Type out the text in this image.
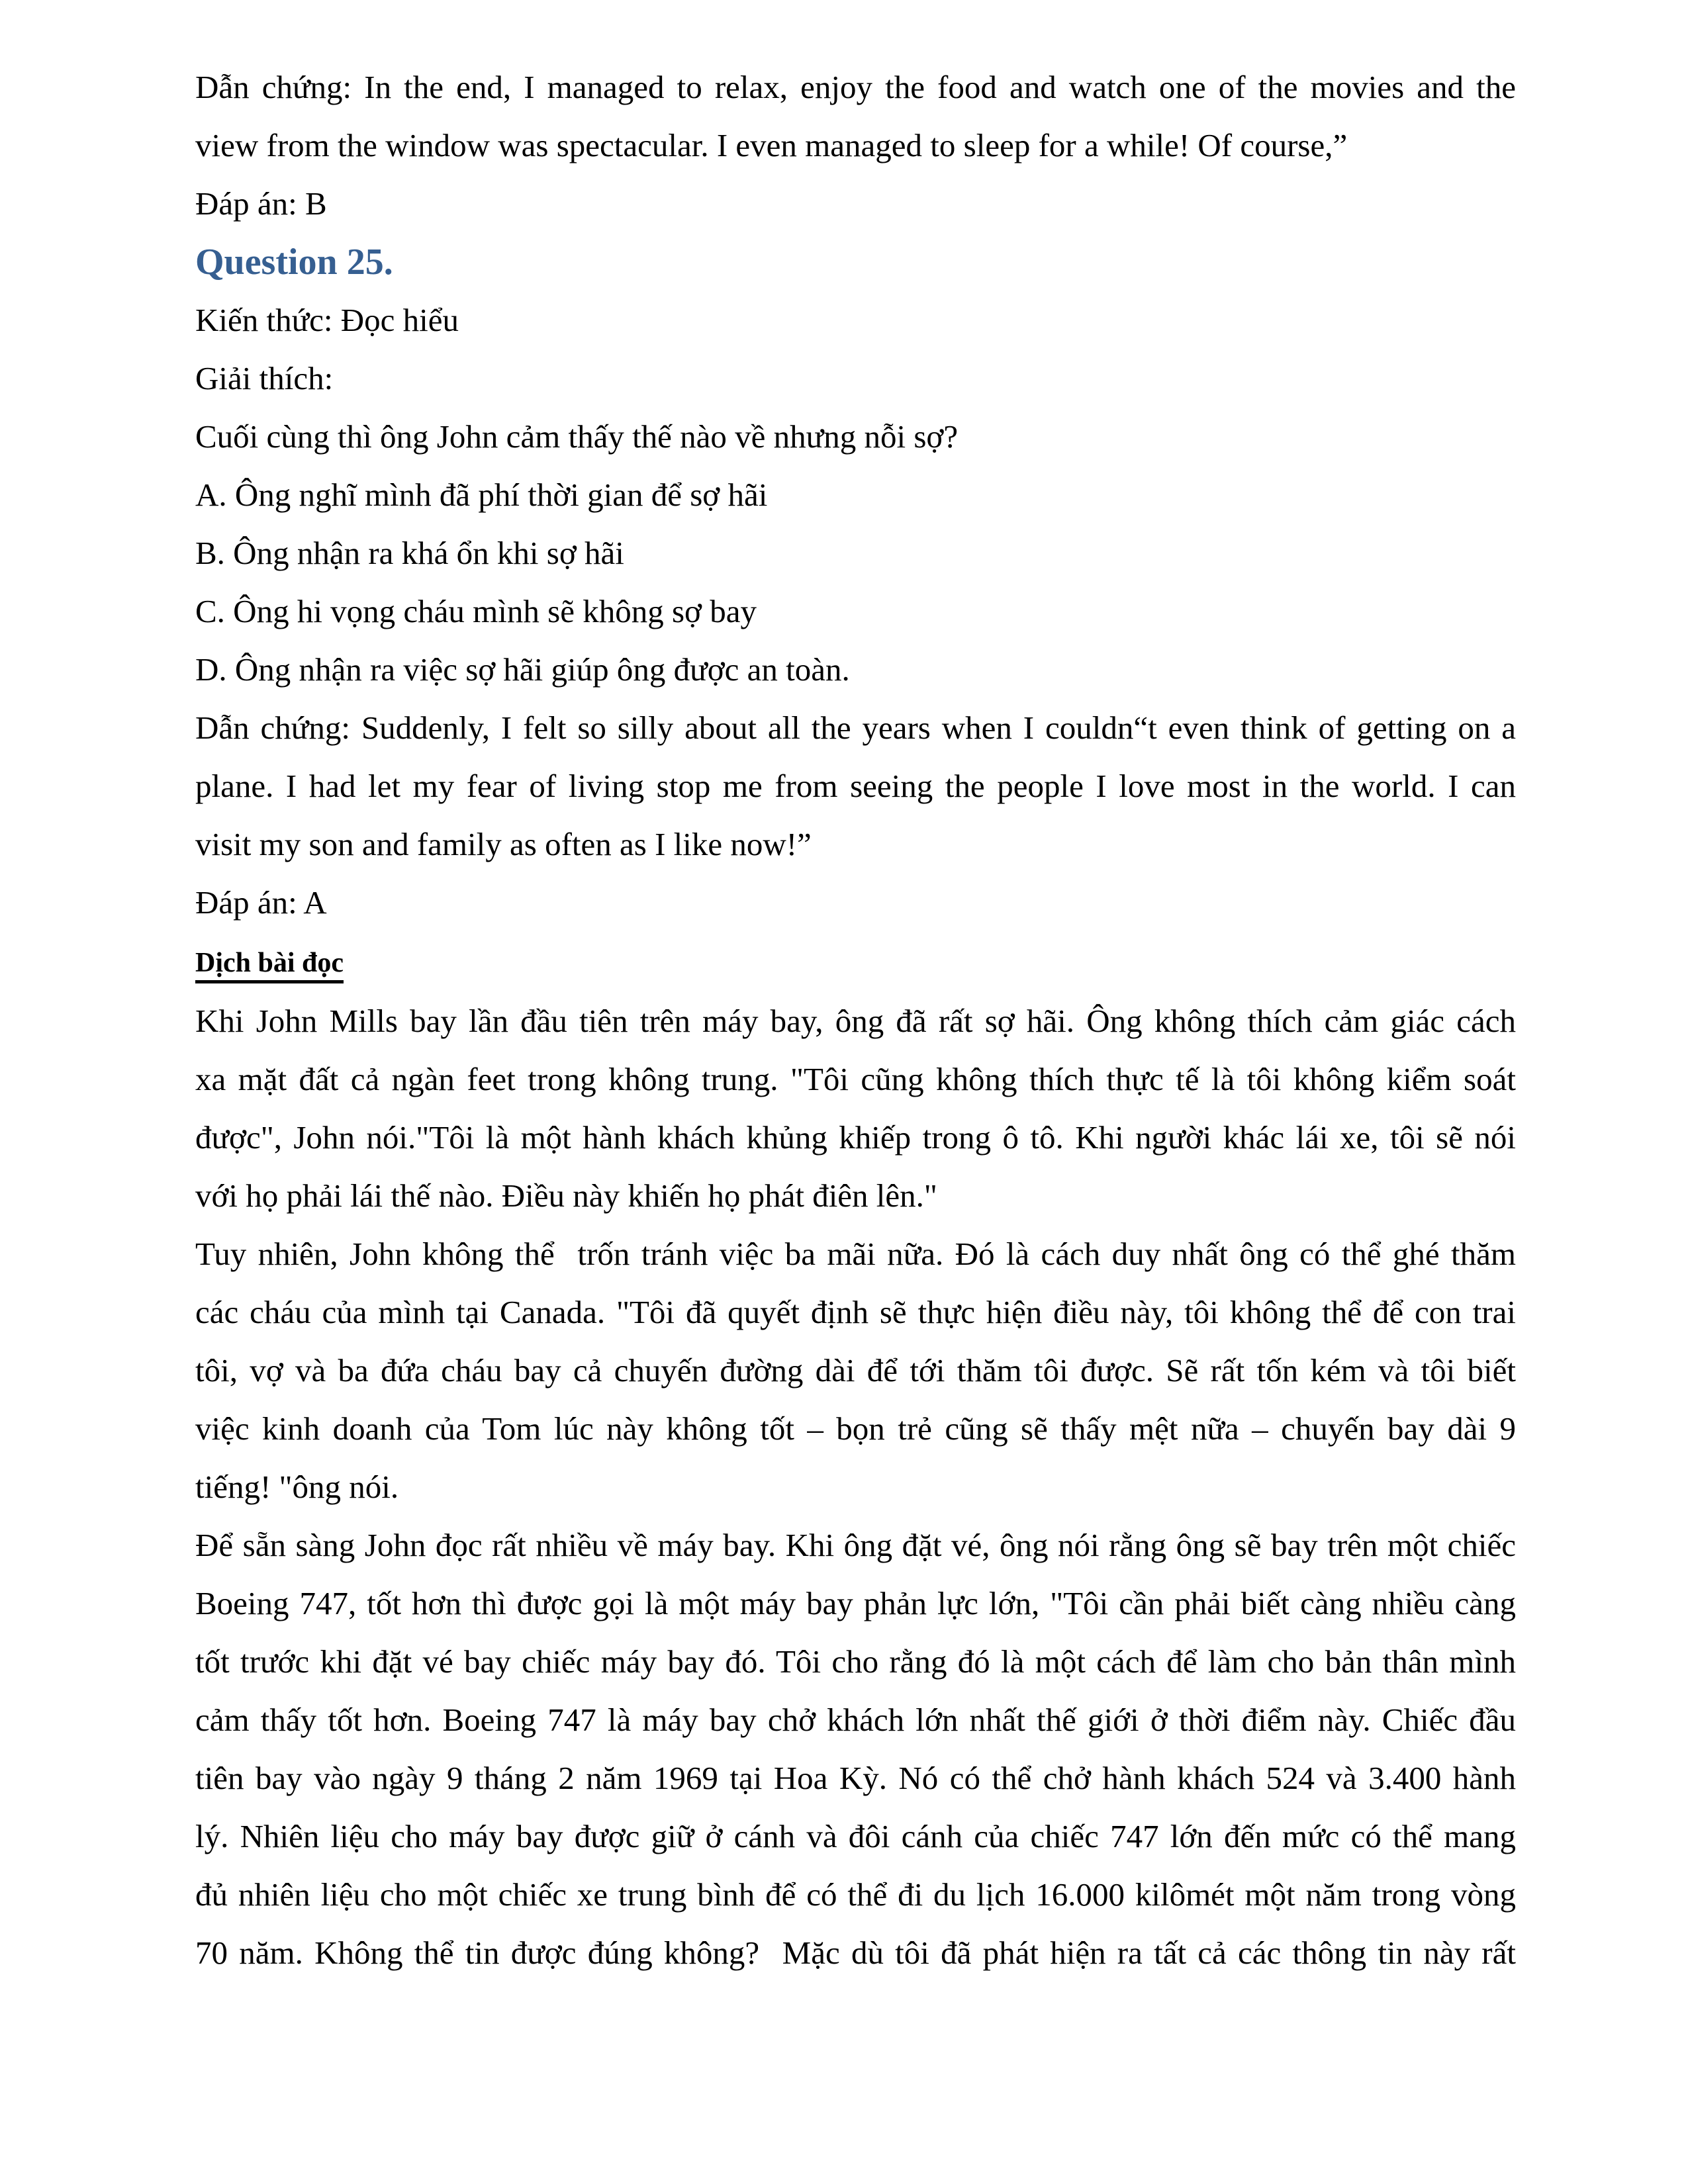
Dẫn chứng: In the end, I managed to relax, enjoy the food and watch one of the movies and the
view from the window was spectacular. I even managed to sleep for a while! Of course,”
Đáp án: B
Question 25.
Kiến thức: Đọc hiểu
Giải thích:
Cuối cùng thì ông John cảm thấy thế nào về nhưng nỗi sợ?
A. Ông nghĩ mình đã phí thời gian để sợ hãi
B. Ông nhận ra khá ổn khi sợ hãi
C. Ông hi vọng cháu mình sẽ không sợ bay
D. Ông nhận ra việc sợ hãi giúp ông được an toàn.
Dẫn chứng: Suddenly, I felt so silly about all the years when I couldn“t even think of getting on a
plane. I had let my fear of living stop me from seeing the people I love most in the world. I can
visit my son and family as often as I like now!”
Đáp án: A
Dịch bài đọc
Khi John Mills bay lần đầu tiên trên máy bay, ông đã rất sợ hãi. Ông không thích cảm giác cách
xa mặt đất cả ngàn feet trong không trung. "Tôi cũng không thích thực tế là tôi không kiểm soát
được", John nói."Tôi là một hành khách khủng khiếp trong ô tô. Khi người khác lái xe, tôi sẽ nói
với họ phải lái thế nào. Điều này khiến họ phát điên lên."
Tuy nhiên, John không thể  trốn tránh việc ba mãi nữa. Đó là cách duy nhất ông có thể ghé thăm
các cháu của mình tại Canada. "Tôi đã quyết định sẽ thực hiện điều này, tôi không thể để con trai
tôi, vợ và ba đứa cháu bay cả chuyến đường dài để tới thăm tôi được. Sẽ rất tốn kém và tôi biết
việc kinh doanh của Tom lúc này không tốt – bọn trẻ cũng sẽ thấy mệt nữa – chuyến bay dài 9
tiếng! "ông nói.
Để sẵn sàng John đọc rất nhiều về máy bay. Khi ông đặt vé, ông nói rằng ông sẽ bay trên một chiếc
Boeing 747, tốt hơn thì được gọi là một máy bay phản lực lớn, "Tôi cần phải biết càng nhiều càng
tốt trước khi đặt vé bay chiếc máy bay đó. Tôi cho rằng đó là một cách để làm cho bản thân mình
cảm thấy tốt hơn. Boeing 747 là máy bay chở khách lớn nhất thế giới ở thời điểm này. Chiếc đầu
tiên bay vào ngày 9 tháng 2 năm 1969 tại Hoa Kỳ. Nó có thể chở hành khách 524 và 3.400 hành
lý. Nhiên liệu cho máy bay được giữ ở cánh và đôi cánh của chiếc 747 lớn đến mức có thể mang
đủ nhiên liệu cho một chiếc xe trung bình để có thể đi du lịch 16.000 kilômét một năm trong vòng
70 năm. Không thể tin được đúng không?  Mặc dù tôi đã phát hiện ra tất cả các thông tin này rất
